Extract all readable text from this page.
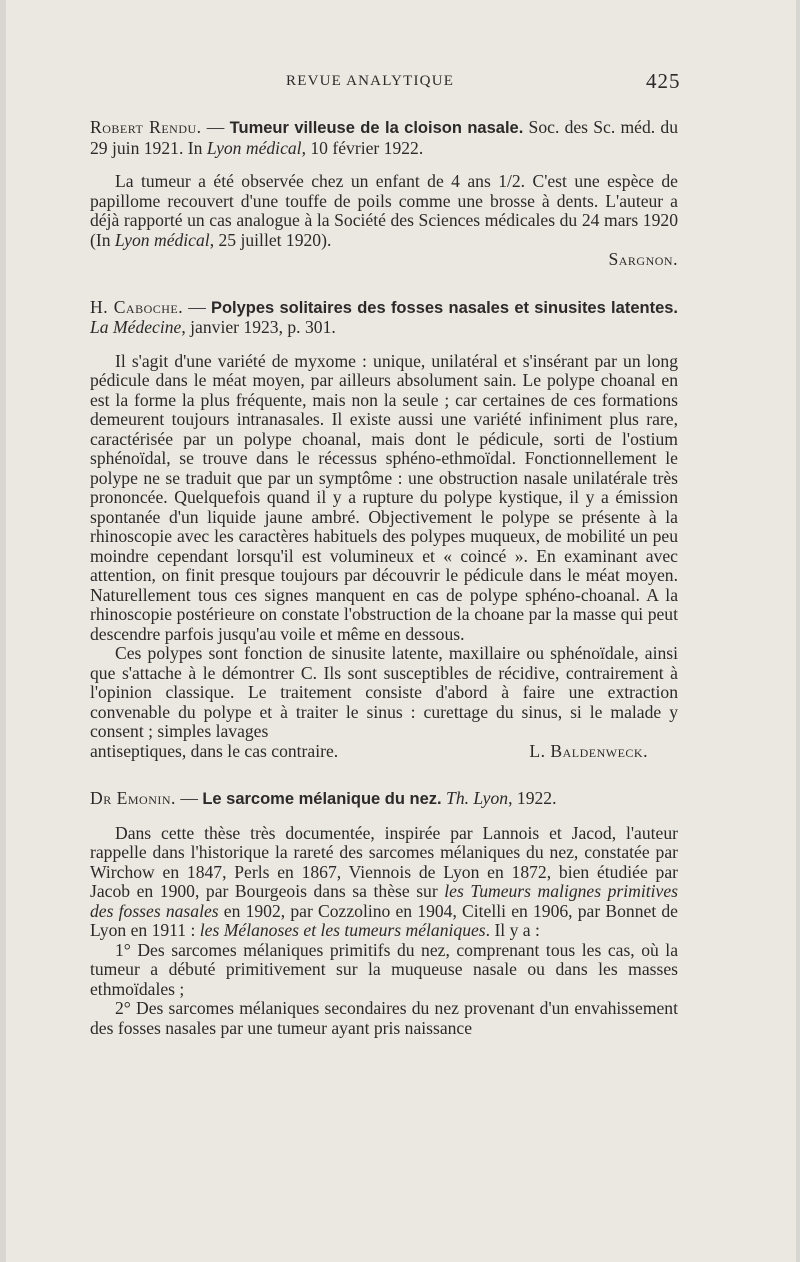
REVUE ANALYTIQUE	425

Robert Rendu. — Tumeur villeuse de la cloison nasale. Soc. des Sc. méd. du 29 juin 1921. In Lyon médical, 10 février 1922.

La tumeur a été observée chez un enfant de 4 ans 1/2. C'est une espèce de papillome recouvert d'une touffe de poils comme une brosse à dents. L'auteur a déjà rapporté un cas analogue à la Société des Sciences médicales du 24 mars 1920 (In Lyon médical, 25 juillet 1920).

Sargnon.

H. Caboche. — Polypes solitaires des fosses nasales et sinusites latentes. La Médecine, janvier 1923, p. 301.

Il s'agit d'une variété de myxome : unique, unilatéral et s'insérant par un long pédicule dans le méat moyen, par ailleurs absolument sain. Le polype choanal en est la forme la plus fréquente, mais non la seule ; car certaines de ces formations demeurent toujours intranasales. Il existe aussi une variété infiniment plus rare, caractérisée par un polype choanal, mais dont le pédicule, sorti de l'ostium sphénoïdal, se trouve dans le récessus sphéno-ethmoïdal. Fonctionnellement le polype ne se traduit que par un symptôme : une obstruction nasale unilatérale très prononcée. Quelquefois quand il y a rupture du polype kystique, il y a émission spontanée d'un liquide jaune ambré. Objectivement le polype se présente à la rhinoscopie avec les caractères habituels des polypes muqueux, de mobilité un peu moindre cependant lorsqu'il est volumineux et « coincé ». En examinant avec attention, on finit presque toujours par découvrir le pédicule dans le méat moyen. Naturellement tous ces signes manquent en cas de polype sphéno-choanal. A la rhinoscopie postérieure on constate l'obstruction de la choane par la masse qui peut descendre parfois jusqu'au voile et même en dessous.

Ces polypes sont fonction de sinusite latente, maxillaire ou sphénoïdale, ainsi que s'attache à le démontrer C. Ils sont susceptibles de récidive, contrairement à l'opinion classique. Le traitement consiste d'abord à faire une extraction convenable du polype et à traiter le sinus : curettage du sinus, si le malade y consent ; simples lavages

antiseptiques, dans le cas contraire.	L. Baldenweck.

Dr Emonin. — Le sarcome mélanique du nez. Th. Lyon, 1922.

Dans cette thèse très documentée, inspirée par Lannois et Jacod, l'auteur rappelle dans l'historique la rareté des sarcomes mélaniques du nez, constatée par Wirchow en 1847, Perls en 1867, Viennois de Lyon en 1872, bien étudiée par Jacob en 1900, par Bourgeois dans sa thèse sur les Tumeurs malignes primitives des fosses nasales en 1902, par Cozzolino en 1904, Citelli en 1906, par Bonnet de Lyon en 1911 : les Mélanoses et les tumeurs mélaniques. Il y a :

1° Des sarcomes mélaniques primitifs du nez, comprenant tous les cas, où la tumeur a débuté primitivement sur la muqueuse nasale ou dans les masses ethmoïdales ;

2° Des sarcomes mélaniques secondaires du nez provenant d'un envahissement des fosses nasales par une tumeur ayant pris naissance
